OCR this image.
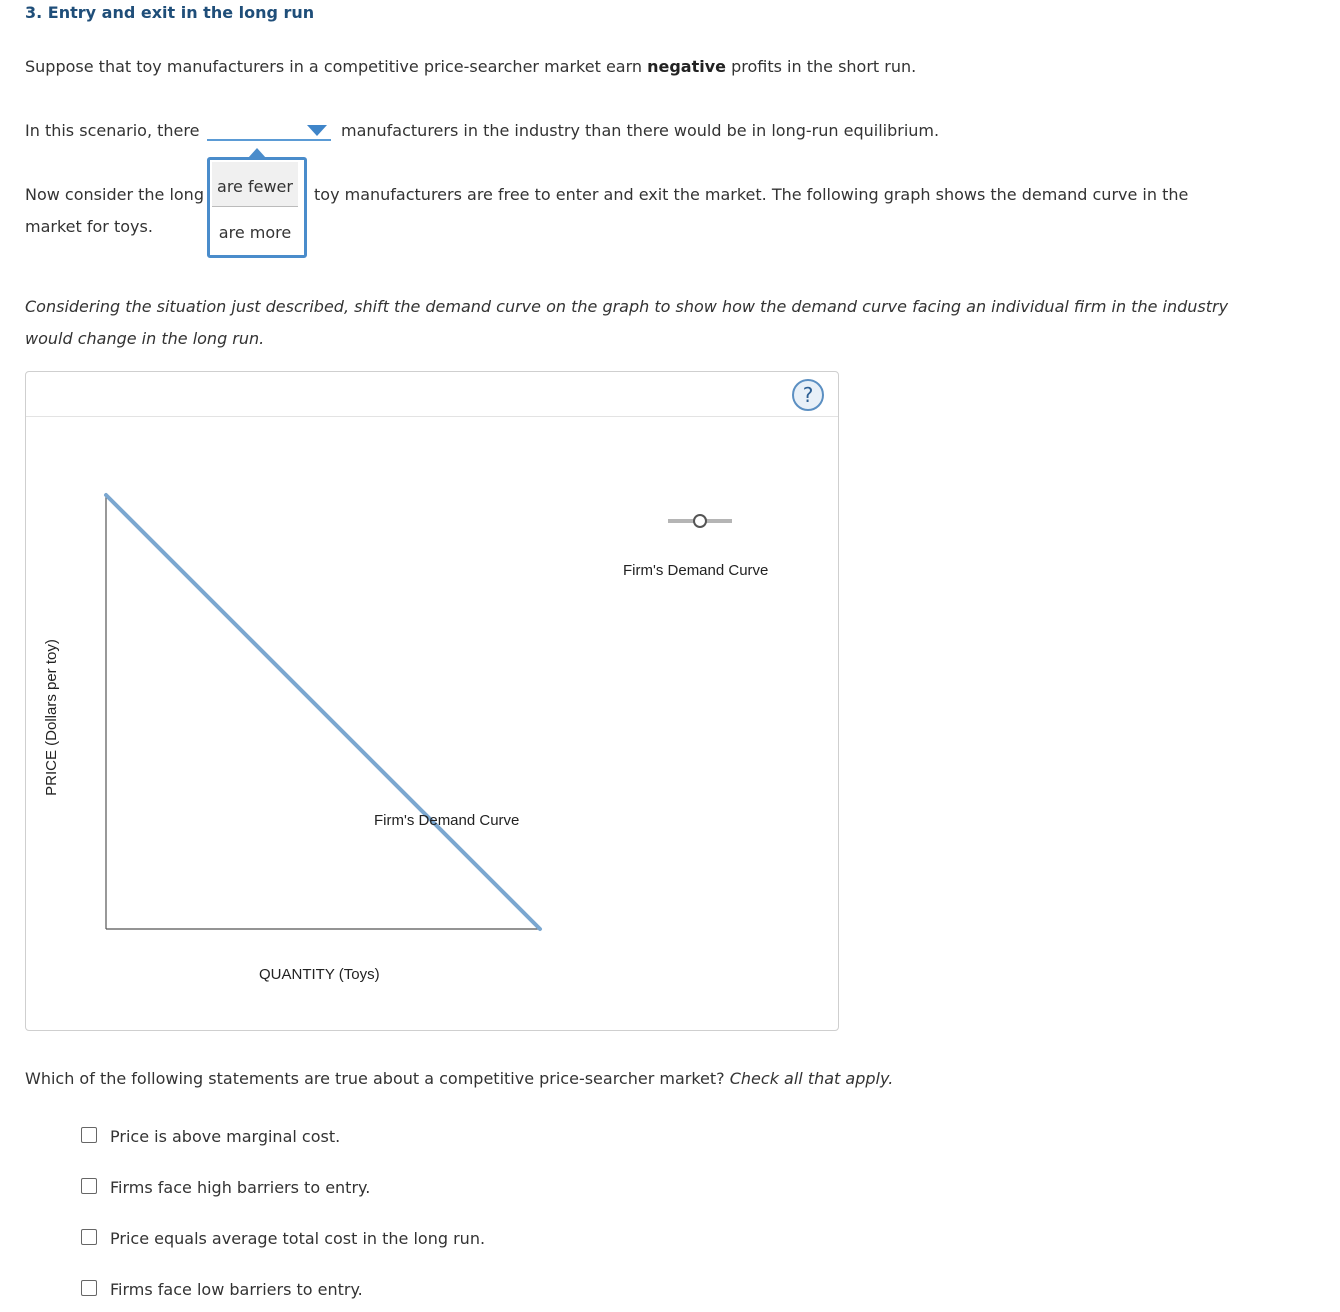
3. Entry and exit in the long run
Suppose that toy manufacturers in a competitive price-searcher market earn negative profits in the short run.
In this scenario, there	manufacturers in the industry than there would be in long-run equilibrium.
Now consider the long	toy manufacturers are free to enter and exit the market. The following graph shows the demand curve in the
market for toys.
are fewer
are more
Considering the situation just described, shift the demand curve on the graph to show how the demand curve facing an individual firm in the industry
would change in the long run.
?
Firm's Demand Curve
Firm's Demand Curve
QUANTITY (Toys)
PRICE (Dollars per toy)
Which of the following statements are true about a competitive price-searcher market? Check all that apply.
Price is above marginal cost.
Firms face high barriers to entry.
Price equals average total cost in the long run.
Firms face low barriers to entry.
